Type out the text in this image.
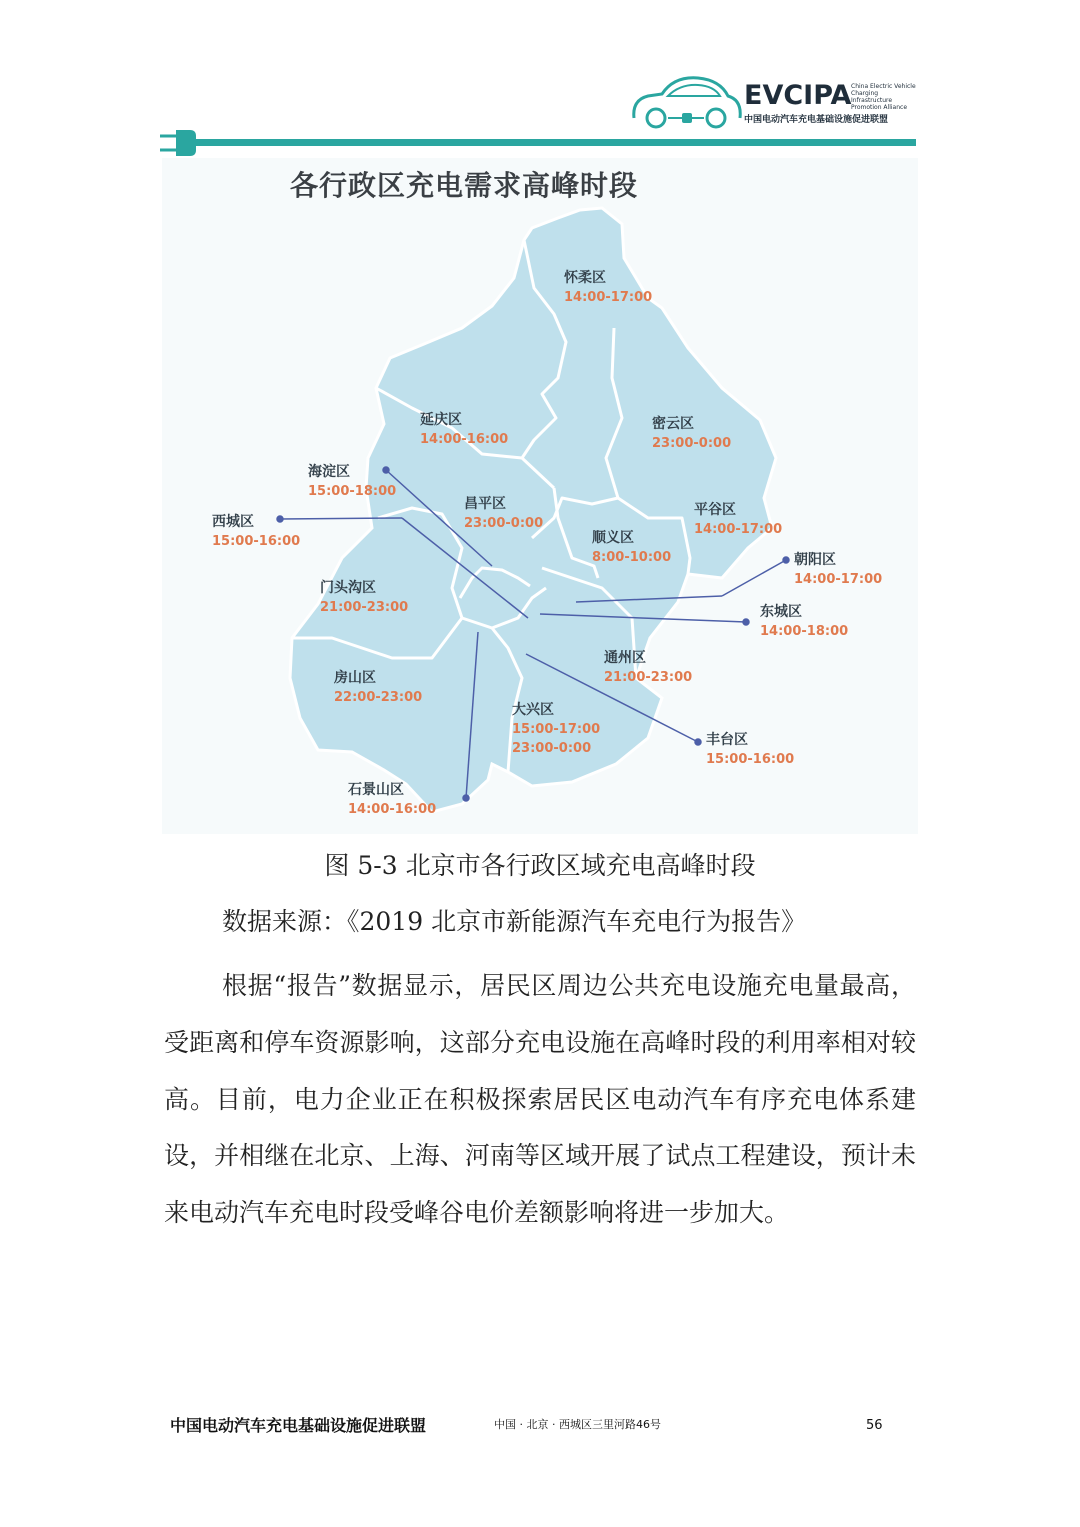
EVCIPA China Electric Vehicle Charging Infrastructure Promotion Alliance
中国电动汽车充电基础设施促进联盟
各行政区充电需求高峰时段
怀柔区
14:00-17:00
延庆区
14:00-16:00
密云区
23:00-0:00
海淀区
15:00-18:00
昌平区
23:00-0:00
西城区
15:00-16:00
平谷区
14:00-17:00
顺义区
8:00-10:00	朝阳区
14:00-17:00
门头沟区
21:00-23:00	东城区
14:00-18:00
通州区
21:00-23:00
房山区
22:00-23:00
大兴区
15:00-17:00
23:00-0:00
丰台区
15:00-16:00
石景山区
14:00-16:00
图 5-3 北京市各行政区域充电高峰时段
数据来源：《2019 北京市新能源汽车充电行为报告》
根据“报告”数据显示，居民区周边公共充电设施充电量最高，受距离和停车资源影响，这部分充电设施在高峰时段的利用率相对较高。目前，电力企业正在积极探索居民区电动汽车有序充电体系建设，并相继在北京、上海、河南等区域开展了试点工程建设，预计未来电动汽车充电时段受峰谷电价差额影响将进一步加大。
中国电动汽车充电基础设施促进联盟	中国 · 北京 · 西城区三里河路46号	56
